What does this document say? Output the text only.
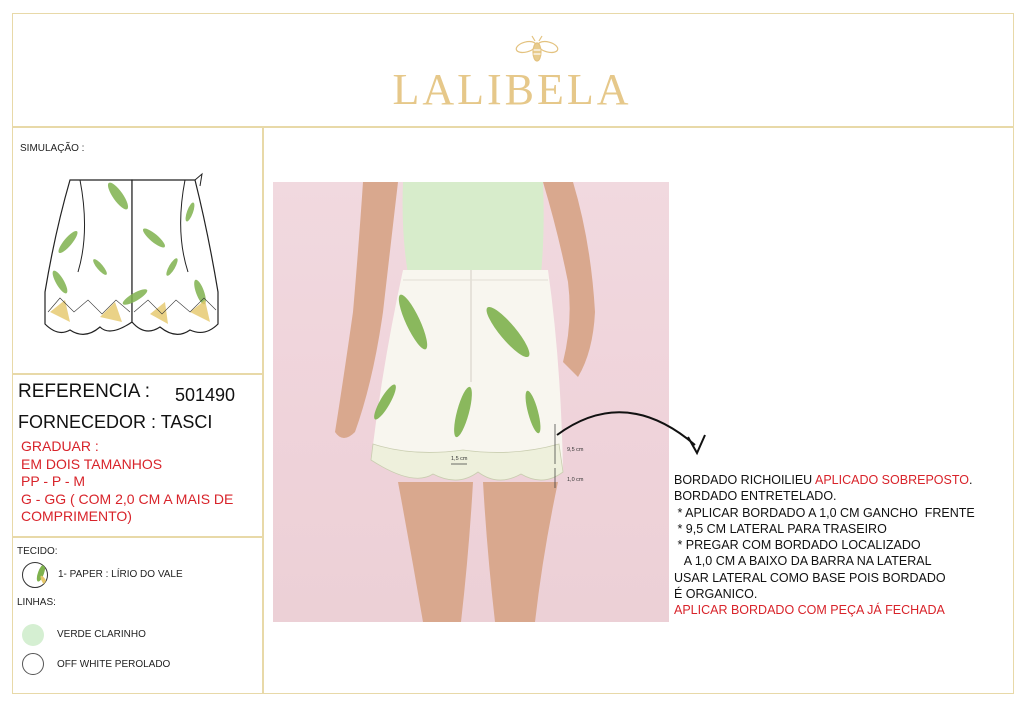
LALIBELA
SIMULAÇÃO :
REFERENCIA : 501490
FORNECEDOR : TASCI
GRADUAR :
EM DOIS TAMANHOS
PP - P - M
G - GG ( COM 2,0 CM A MAIS DE
COMPRIMENTO)
TECIDO:
1- PAPER : LÍRIO DO VALE
LINHAS:
VERDE CLARINHO
OFF WHITE PEROLADO
1,5 cm
9,5 cm
1,0 cm	BORDADO RICHOILIEU APLICADO SOBREPOSTO.
BORDADO ENTRETELADO.
* APLICAR BORDADO A 1,0 CM GANCHO  FRENTE
* 9,5 CM LATERAL PARA TRASEIRO
* PREGAR COM BORDADO LOCALIZADO
A 1,0 CM A BAIXO DA BARRA NA LATERAL
USAR LATERAL COMO BASE POIS BORDADO
É ORGANICO.
APLICAR BORDADO COM PEÇA JÁ FECHADA
